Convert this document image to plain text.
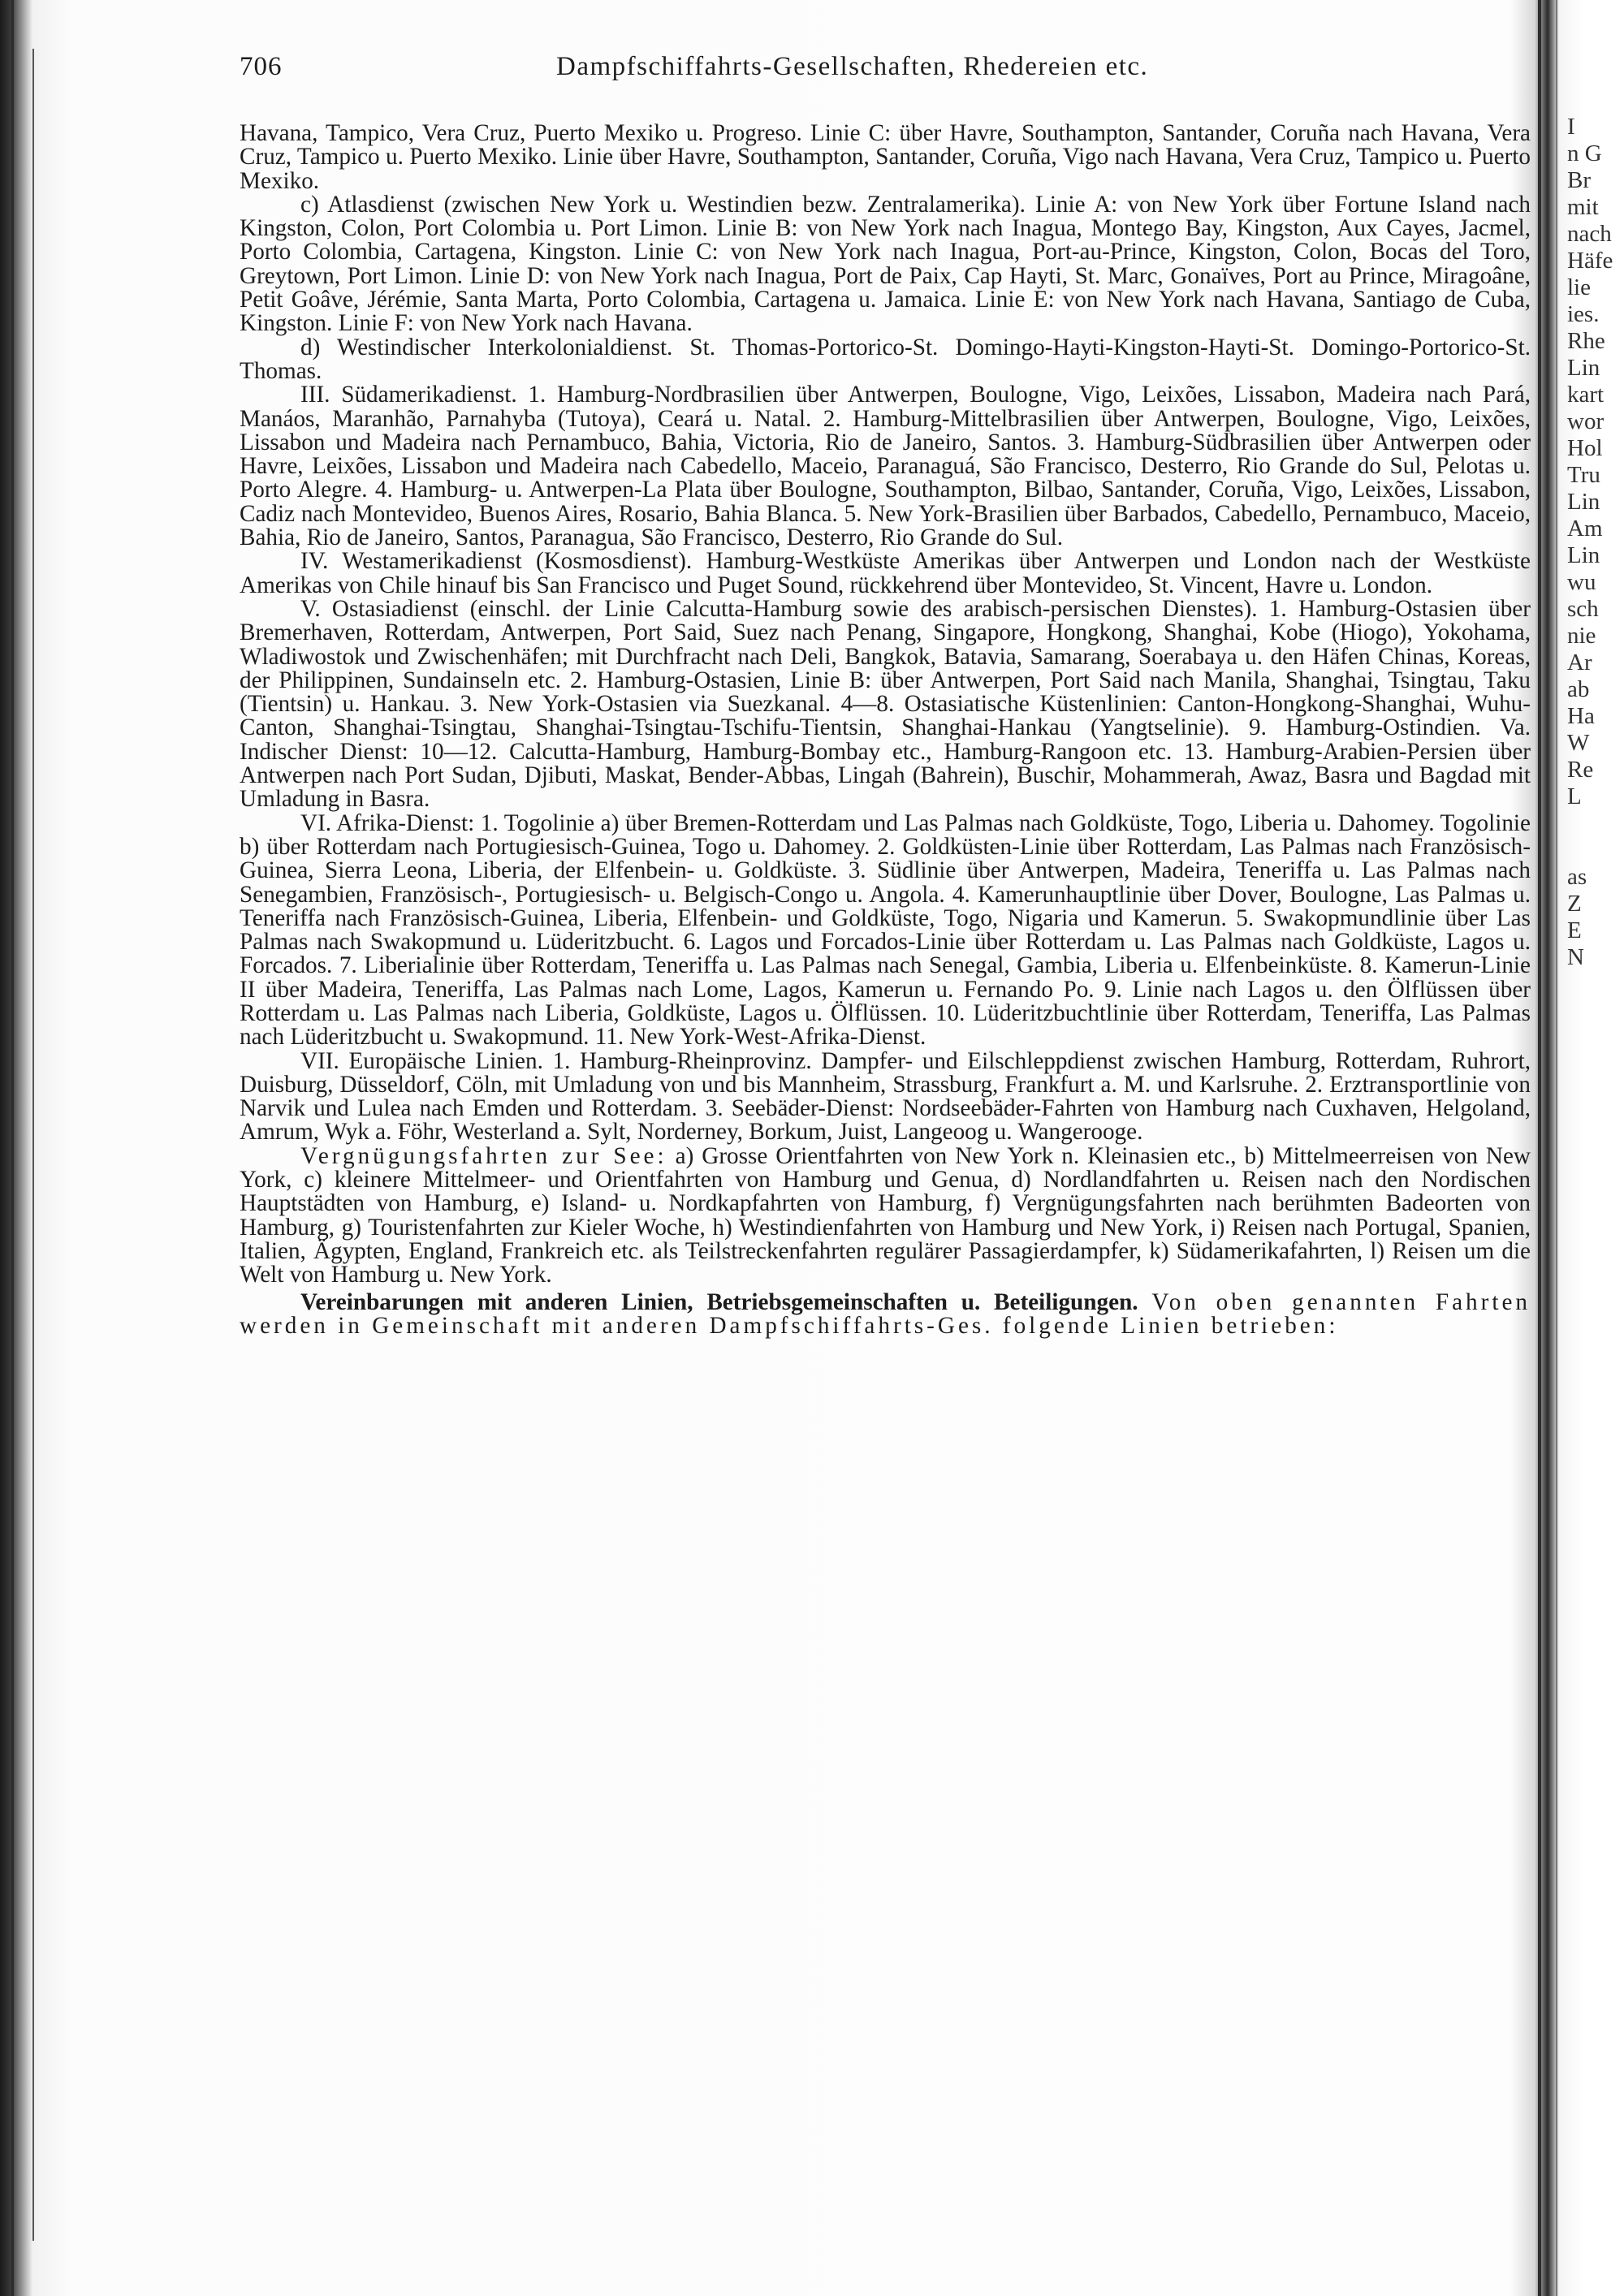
706	Dampfschiffahrts-Gesellschaften, Rhedereien etc.

Havana, Tampico, Vera Cruz, Puerto Mexiko u. Progreso. Linie C: über Havre, Southampton, Santander, Coruña nach Havana, Vera Cruz, Tampico u. Puerto Mexiko. Linie über Havre, Southampton, Santander, Coruña, Vigo nach Havana, Vera Cruz, Tampico u. Puerto Mexiko.

c) Atlasdienst (zwischen New York u. Westindien bezw. Zentralamerika). Linie A: von New York über Fortune Island nach Kingston, Colon, Port Colombia u. Port Limon. Linie B: von New York nach Inagua, Montego Bay, Kingston, Aux Cayes, Jacmel, Porto Colombia, Cartagena, Kingston. Linie C: von New York nach Inagua, Port-au-Prince, Kingston, Colon, Bocas del Toro, Greytown, Port Limon. Linie D: von New York nach Inagua, Port de Paix, Cap Hayti, St. Marc, Gonaïves, Port au Prince, Miragoâne, Petit Goâve, Jérémie, Santa Marta, Porto Colombia, Cartagena u. Jamaica. Linie E: von New York nach Havana, Santiago de Cuba, Kingston. Linie F: von New York nach Havana.

d) Westindischer Interkolonialdienst. St. Thomas-Portorico-St. Domingo-Hayti-Kingston-Hayti-St. Domingo-Portorico-St. Thomas.

III. Südamerikadienst. 1. Hamburg-Nordbrasilien über Antwerpen, Boulogne, Vigo, Leixões, Lissabon, Madeira nach Pará, Manáos, Maranhão, Parnahyba (Tutoya), Ceará u. Natal. 2. Hamburg-Mittelbrasilien über Antwerpen, Boulogne, Vigo, Leixões, Lissabon und Madeira nach Pernambuco, Bahia, Victoria, Rio de Janeiro, Santos. 3. Hamburg-Südbrasilien über Antwerpen oder Havre, Leixões, Lissabon und Madeira nach Cabedello, Maceio, Paranaguá, São Francisco, Desterro, Rio Grande do Sul, Pelotas u. Porto Alegre. 4. Hamburg- u. Antwerpen-La Plata über Boulogne, Southampton, Bilbao, Santander, Coruña, Vigo, Leixões, Lissabon, Cadiz nach Montevideo, Buenos Aires, Rosario, Bahia Blanca. 5. New York-Brasilien über Barbados, Cabedello, Pernambuco, Maceio, Bahia, Rio de Janeiro, Santos, Paranagua, São Francisco, Desterro, Rio Grande do Sul.

IV. Westamerikadienst (Kosmosdienst). Hamburg-Westküste Amerikas über Antwerpen und London nach der Westküste Amerikas von Chile hinauf bis San Francisco und Puget Sound, rückkehrend über Montevideo, St. Vincent, Havre u. London.

V. Ostasiadienst (einschl. der Linie Calcutta-Hamburg sowie des arabisch-persischen Dienstes). 1. Hamburg-Ostasien über Bremerhaven, Rotterdam, Antwerpen, Port Said, Suez nach Penang, Singapore, Hongkong, Shanghai, Kobe (Hiogo), Yokohama, Wladiwostok und Zwischenhäfen; mit Durchfracht nach Deli, Bangkok, Batavia, Samarang, Soerabaya u. den Häfen Chinas, Koreas, der Philippinen, Sundainseln etc. 2. Hamburg-Ostasien, Linie B: über Antwerpen, Port Said nach Manila, Shanghai, Tsingtau, Taku (Tientsin) u. Hankau. 3. New York-Ostasien via Suezkanal. 4—8. Ostasiatische Küstenlinien: Canton-Hongkong-Shanghai, Wuhu-Canton, Shanghai-Tsingtau, Shanghai-Tsingtau-Tschifu-Tientsin, Shanghai-Hankau (Yangtselinie). 9. Hamburg-Ostindien. Va. Indischer Dienst: 10—12. Calcutta-Hamburg, Hamburg-Bombay etc., Hamburg-Rangoon etc. 13. Hamburg-Arabien-Persien über Antwerpen nach Port Sudan, Djibuti, Maskat, Bender-Abbas, Lingah (Bahrein), Buschir, Mohammerah, Awaz, Basra und Bagdad mit Umladung in Basra.

VI. Afrika-Dienst: 1. Togolinie a) über Bremen-Rotterdam und Las Palmas nach Goldküste, Togo, Liberia u. Dahomey. Togolinie b) über Rotterdam nach Portugiesisch-Guinea, Togo u. Dahomey. 2. Goldküsten-Linie über Rotterdam, Las Palmas nach Französisch-Guinea, Sierra Leona, Liberia, der Elfenbein- u. Goldküste. 3. Südlinie über Antwerpen, Madeira, Teneriffa u. Las Palmas nach Senegambien, Französisch-, Portugiesisch- u. Belgisch-Congo u. Angola. 4. Kamerunhauptlinie über Dover, Boulogne, Las Palmas u. Teneriffa nach Französisch-Guinea, Liberia, Elfenbein- und Goldküste, Togo, Nigaria und Kamerun. 5. Swakopmundlinie über Las Palmas nach Swakopmund u. Lüderitzbucht. 6. Lagos und Forcados-Linie über Rotterdam u. Las Palmas nach Goldküste, Lagos u. Forcados. 7. Liberialinie über Rotterdam, Teneriffa u. Las Palmas nach Senegal, Gambia, Liberia u. Elfenbeinküste. 8. Kamerun-Linie II über Madeira, Teneriffa, Las Palmas nach Lome, Lagos, Kamerun u. Fernando Po. 9. Linie nach Lagos u. den Ölflüssen über Rotterdam u. Las Palmas nach Liberia, Goldküste, Lagos u. Ölflüssen. 10. Lüderitzbuchtlinie über Rotterdam, Teneriffa, Las Palmas nach Lüderitzbucht u. Swakopmund. 11. New York-West-Afrika-Dienst.

VII. Europäische Linien. 1. Hamburg-Rheinprovinz. Dampfer- und Eilschleppdienst zwischen Hamburg, Rotterdam, Ruhrort, Duisburg, Düsseldorf, Cöln, mit Umladung von und bis Mannheim, Strassburg, Frankfurt a. M. und Karlsruhe. 2. Erztransportlinie von Narvik und Lulea nach Emden und Rotterdam. 3. Seebäder-Dienst: Nordseebäder-Fahrten von Hamburg nach Cuxhaven, Helgoland, Amrum, Wyk a. Föhr, Westerland a. Sylt, Norderney, Borkum, Juist, Langeoog u. Wangerooge.

Vergnügungsfahrten zur See: a) Grosse Orientfahrten von New York n. Kleinasien etc., b) Mittelmeerreisen von New York, c) kleinere Mittelmeer- und Orientfahrten von Hamburg und Genua, d) Nordlandfahrten u. Reisen nach den Nordischen Hauptstädten von Hamburg, e) Island- u. Nordkapfahrten von Hamburg, f) Vergnügungsfahrten nach berühmten Badeorten von Hamburg, g) Touristenfahrten zur Kieler Woche, h) Westindienfahrten von Hamburg und New York, i) Reisen nach Portugal, Spanien, Italien, Ägypten, England, Frankreich etc. als Teilstreckenfahrten regulärer Passagierdampfer, k) Südamerikafahrten, l) Reisen um die Welt von Hamburg u. New York.

Vereinbarungen mit anderen Linien, Betriebsgemeinschaften u. Beteiligungen. Von oben genannten Fahrten werden in Gemeinschaft mit anderen Dampfschiffahrts-Ges. folgende Linien betrieben:

I
n G
Br
mit
nach
Häfe
lie
ies.
Rhe
Lin
kart
wor
Hol
Tru
Lin
Am
Lin
wu
sch
nie
Ar
ab
Ha
W
Re
L
as
Z
E
N
